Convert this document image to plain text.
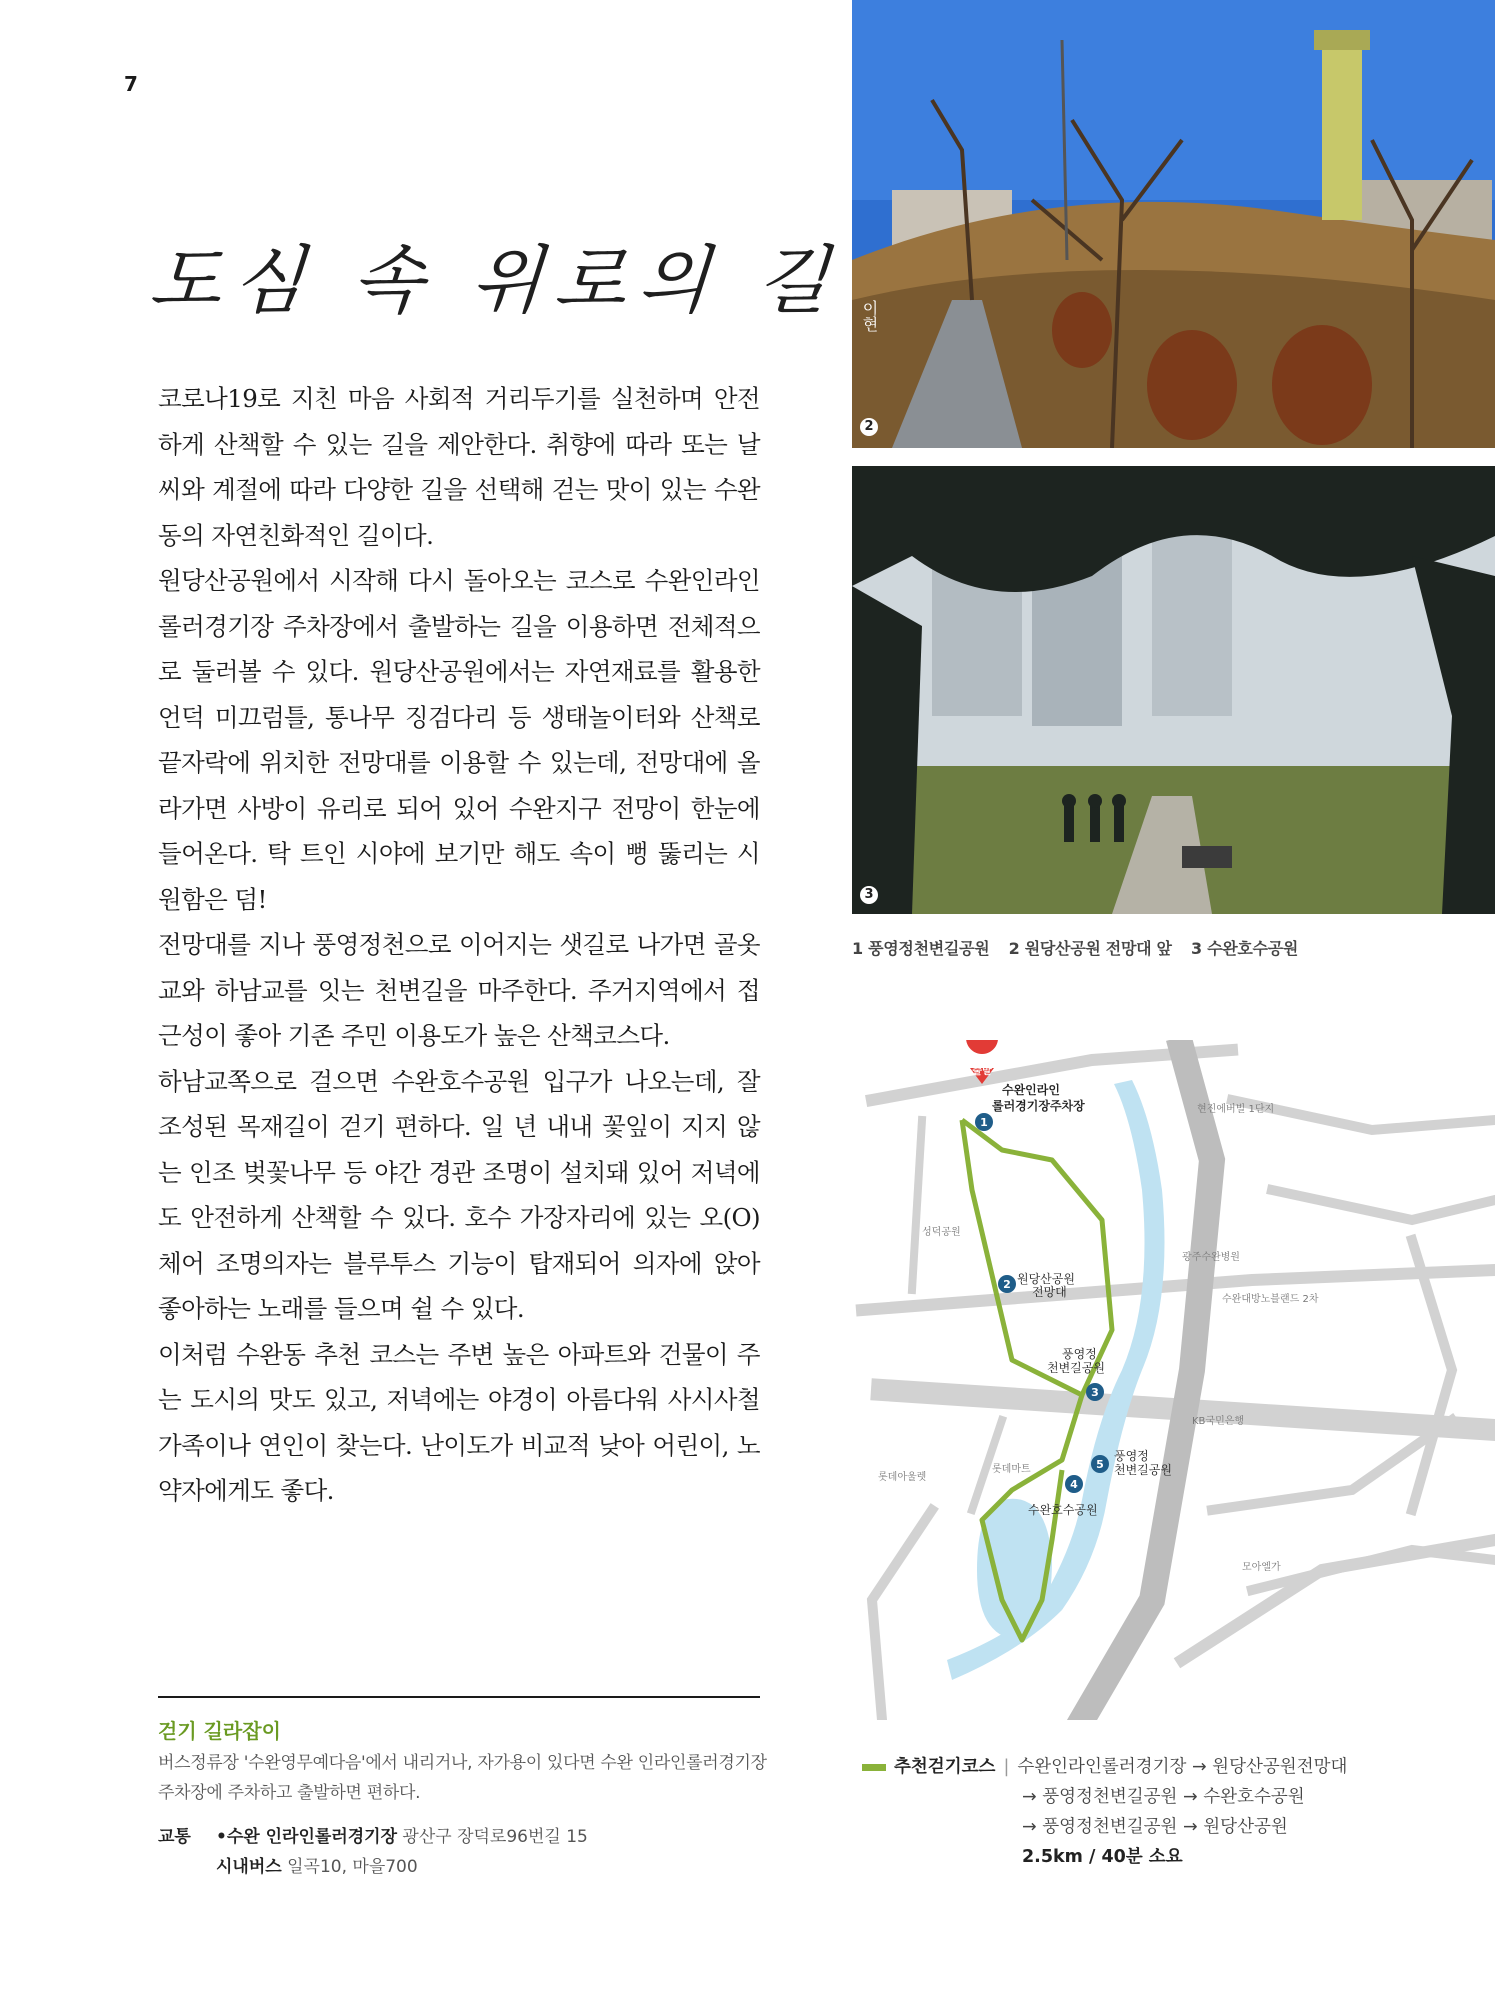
7
도심 속 위로의 길

코로나19로 지친 마음 사회적 거리두기를 실천하며 안전하게 산책할 수 있는 길을 제안한다. 취향에 따라 또는 날씨와 계절에 따라 다양한 길을 선택해 걷는 맛이 있는 수완동의 자연친화적인 길이다.

원당산공원에서 시작해 다시 돌아오는 코스로 수완인라인롤러경기장 주차장에서 출발하는 길을 이용하면 전체적으로 둘러볼 수 있다. 원당산공원에서는 자연재료를 활용한 언덕 미끄럼틀, 통나무 징검다리 등 생태놀이터와 산책로 끝자락에 위치한 전망대를 이용할 수 있는데, 전망대에 올라가면 사방이 유리로 되어 있어 수완지구 전망이 한눈에 들어온다. 탁 트인 시야에 보기만 해도 속이 뻥 뚫리는 시원함은 덤!

전망대를 지나 풍영정천으로 이어지는 샛길로 나가면 골옷교와 하남교를 잇는 천변길을 마주한다. 주거지역에서 접근성이 좋아 기존 주민 이용도가 높은 산책코스다.

하남교쪽으로 걸으면 수완호수공원 입구가 나오는데, 잘 조성된 목재길이 걷기 편하다. 일 년 내내 꽃잎이 지지 않는 인조 벚꽃나무 등 야간 경관 조명이 설치돼 있어 저녁에도 안전하게 산책할 수 있다. 호수 가장자리에 있는 오(O)체어 조명의자는 블루투스 기능이 탑재되어 의자에 앉아 좋아하는 노래를 들으며 쉴 수 있다.

이처럼 수완동 추천 코스는 주변 높은 아파트와 건물이 주는 도시의 맛도 있고, 저녁에는 야경이 아름다워 사시사철 가족이나 연인이 찾는다. 난이도가 비교적 낮아 어린이, 노약자에게도 좋다.

걷기 길라잡이
버스정류장 '수완영무예다음'에서 내리거나, 자가용이 있다면 수완 인라인롤러경기장 주차장에 주차하고 출발하면 편하다.
교통 •수완 인라인롤러경기장 광산구 장덕로96번길 15
시내버스 일곡10, 마을700
이현
2
3
1 풍영정천변길공원 2 원당산공원 전망대 앞 3 수완호수공원
성덕공원
현진에버빌 1단지
광주수완병원
수완대방노블랜드 2차
KB국민은행
롯데마트
롯데아울렛
모아엘가
수완인라인
롤러경기장주차장
원당산공원
전망대
풍영정
천변길공원
풍영정
천변길공원
수완호수공원
출발
1
2
3
4
5
추천걷기코스 | 수완인라인롤러경기장 → 원당산공원전망대
→ 풍영정천변길공원 → 수완호수공원
→ 풍영정천변길공원 → 원당산공원
2.5km / 40분 소요
